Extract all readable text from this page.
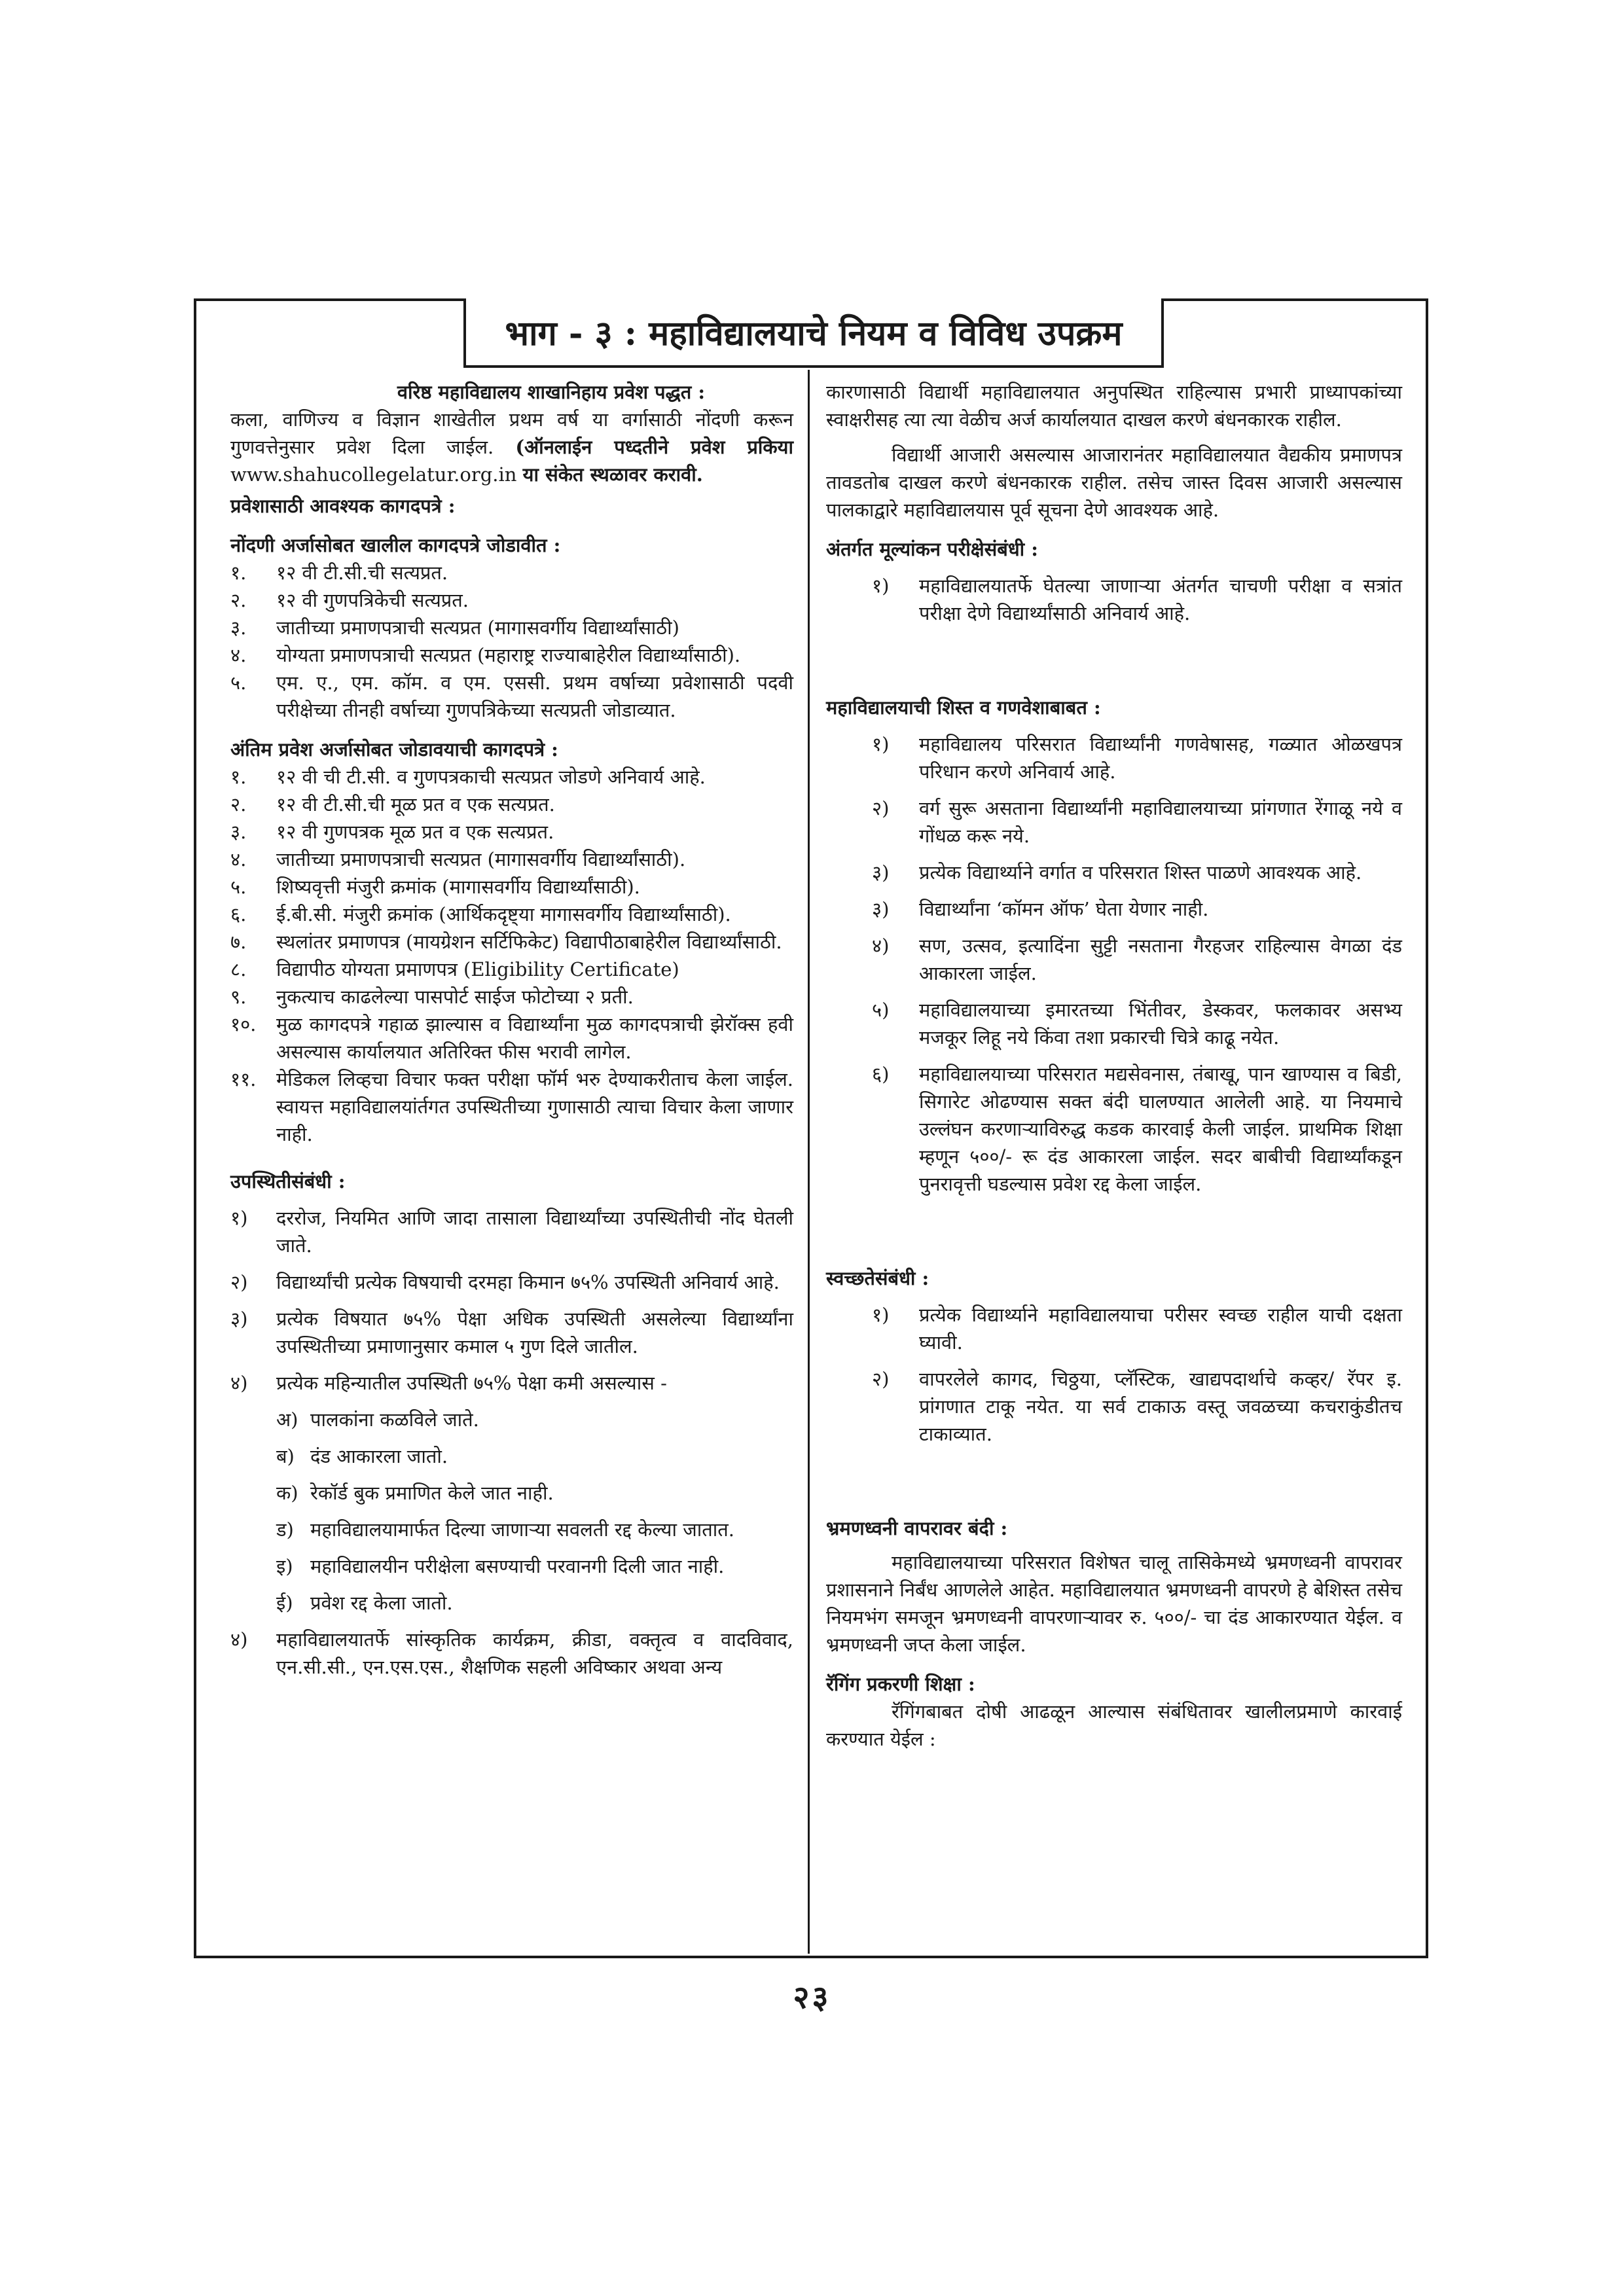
भाग - ३ : महाविद्यालयाचे नियम व विविध उपक्रम
वरिष्ठ महाविद्यालय शाखानिहाय प्रवेश पद्धत :
कला, वाणिज्य व विज्ञान शाखेतील प्रथम वर्ष या वर्गासाठी नोंदणी करून गुणवत्तेनुसार प्रवेश दिला जाईल. (ऑनलाईन पध्दतीने प्रवेश प्रकिया www.shahucollegelatur.org.in या संकेत स्थळावर करावी.
प्रवेशासाठी आवश्यक कागदपत्रे :
नोंदणी अर्जासोबत खालील कागदपत्रे जोडावीत :
१.	१२ वी टी.सी.ची सत्यप्रत.
२.	१२ वी गुणपत्रिकेची सत्यप्रत.
३.	जातीच्या प्रमाणपत्राची सत्यप्रत (मागासवर्गीय विद्यार्थ्यांसाठी)
४.	योग्यता प्रमाणपत्राची सत्यप्रत (महाराष्ट्र राज्याबाहेरील विद्यार्थ्यांसाठी).
५.	एम. ए., एम. कॉम. व एम. एससी. प्रथम वर्षाच्या प्रवेशासाठी पदवी परीक्षेच्या तीनही वर्षाच्या गुणपत्रिकेच्या सत्यप्रती जोडाव्यात.
अंतिम प्रवेश अर्जासोबत जोडावयाची कागदपत्रे :
१.	१२ वी ची टी.सी. व गुणपत्रकाची सत्यप्रत जोडणे अनिवार्य आहे.
२.	१२ वी टी.सी.ची मूळ प्रत व एक सत्यप्रत.
३.	१२ वी गुणपत्रक मूळ प्रत व एक सत्यप्रत.
४.	जातीच्या प्रमाणपत्राची सत्यप्रत (मागासवर्गीय विद्यार्थ्यांसाठी).
५.	शिष्यवृत्ती मंजुरी क्रमांक (मागासवर्गीय विद्यार्थ्यांसाठी).
६.	ई.बी.सी. मंजुरी क्रमांक (आर्थिकदृष्ट्या मागासवर्गीय विद्यार्थ्यांसाठी).
७.	स्थलांतर प्रमाणपत्र (मायग्रेशन सर्टिफिकेट) विद्यापीठाबाहेरील विद्यार्थ्यांसाठी.
८.	विद्यापीठ योग्यता प्रमाणपत्र (Eligibility Certificate)
९.	नुकत्याच काढलेल्या पासपोर्ट साईज फोटोच्या २ प्रती.
१०.	मुळ कागदपत्रे गहाळ झाल्यास व विद्यार्थ्यांना मुळ कागदपत्राची झेरॉक्स हवी असल्यास कार्यालयात अतिरिक्त फीस भरावी लागेल.
११.	मेडिकल लिव्हचा विचार फक्त परीक्षा फॉर्म भरु देण्याकरीताच केला जाईल. स्वायत्त महाविद्यालयांर्तगत उपस्थितीच्या गुणासाठी त्याचा विचार केला जाणार नाही.
उपस्थितीसंबंधी :
१)	दररोज, नियमित आणि जादा तासाला विद्यार्थ्यांच्या उपस्थितीची नोंद घेतली जाते.
२)	विद्यार्थ्यांची प्रत्येक विषयाची दरमहा किमान ७५% उपस्थिती अनिवार्य आहे.
३)	प्रत्येक विषयात ७५% पेक्षा अधिक उपस्थिती असलेल्या विद्यार्थ्यांना उपस्थितीच्या प्रमाणानुसार कमाल ५ गुण दिले जातील.
४)	प्रत्येक महिन्यातील उपस्थिती ७५% पेक्षा कमी असल्यास -
अ) पालकांना कळविले जाते.
ब) दंड आकारला जातो.
क) रेकॉर्ड बुक प्रमाणित केले जात नाही.
ड) महाविद्यालयामार्फत दिल्या जाणाऱ्या सवलती रद्द केल्या जातात.
इ) महाविद्यालयीन परीक्षेला बसण्याची परवानगी दिली जात नाही.
ई) प्रवेश रद्द केला जातो.
४)	महाविद्यालयातर्फे सांस्कृतिक कार्यक्रम, क्रीडा, वक्तृत्व व वादविवाद, एन.सी.सी., एन.एस.एस., शैक्षणिक सहली अविष्कार अथवा अन्य
कारणासाठी विद्यार्थी महाविद्यालयात अनुपस्थित राहिल्यास प्रभारी प्राध्यापकांच्या स्वाक्षरीसह त्या त्या वेळीच अर्ज कार्यालयात दाखल करणे बंधनकारक राहील.
विद्यार्थी आजारी असल्यास आजारानंतर महाविद्यालयात वैद्यकीय प्रमाणपत्र तावडतोब दाखल करणे बंधनकारक राहील. तसेच जास्त दिवस आजारी असल्यास पालकाद्वारे महाविद्यालयास पूर्व सूचना देणे आवश्यक आहे.
अंतर्गत मूल्यांकन परीक्षेसंबंधी :
१)	महाविद्यालयातर्फे घेतल्या जाणाऱ्या अंतर्गत चाचणी परीक्षा व सत्रांत परीक्षा देणे विद्यार्थ्यांसाठी अनिवार्य आहे.
महाविद्यालयाची शिस्त व गणवेशाबाबत :
१)	महाविद्यालय परिसरात विद्यार्थ्यांनी गणवेषासह, गळ्यात ओळखपत्र परिधान करणे अनिवार्य आहे.
२)	वर्ग सुरू असताना विद्यार्थ्यांनी महाविद्यालयाच्या प्रांगणात रेंगाळू नये व गोंधळ करू नये.
३)	प्रत्येक विद्यार्थ्याने वर्गात व परिसरात शिस्त पाळणे आवश्यक आहे.
३)	विद्यार्थ्यांना ‘कॉमन ऑफ’ घेता येणार नाही.
४)	सण, उत्सव, इत्यादिंना सुट्टी नसताना गैरहजर राहिल्यास वेगळा दंड आकारला जाईल.
५)	महाविद्यालयाच्या इमारतच्या भिंतीवर, डेस्कवर, फलकावर असभ्य मजकूर लिहू नये किंवा तशा प्रकारची चित्रे काढू नयेत.
६)	महाविद्यालयाच्या परिसरात मद्यसेवनास, तंबाखू, पान खाण्यास व बिडी, सिगारेट ओढण्यास सक्त बंदी घालण्यात आलेली आहे. या नियमाचे उल्लंघन करणाऱ्याविरुद्ध कडक कारवाई केली जाईल. प्राथमिक शिक्षा म्हणून ५००/- रू दंड आकारला जाईल. सदर बाबीची विद्यार्थ्यांकडून पुनरावृत्ती घडल्यास प्रवेश रद्द केला जाईल.
स्वच्छतेसंबंधी :
१)	प्रत्येक विद्यार्थ्याने महाविद्यालयाचा परीसर स्वच्छ राहील याची दक्षता घ्यावी.
२)	वापरलेले कागद, चिठ्ठया, प्लॅस्टिक, खाद्यपदार्थाचे कव्हर/ रॅपर इ. प्रांगणात टाकू नयेत. या सर्व टाकाऊ वस्तू जवळच्या कचराकुंडीतच टाकाव्यात.
भ्रमणध्वनी वापरावर बंदी :
महाविद्यालयाच्या परिसरात विशेषत चालू तासिकेमध्ये भ्रमणध्वनी वापरावर प्रशासनाने निर्बंध आणलेले आहेत. महाविद्यालयात भ्रमणध्वनी वापरणे हे बेशिस्त तसेच नियमभंग समजून भ्रमणध्वनी वापरणाऱ्यावर रु. ५००/- चा दंड आकारण्यात येईल. व भ्रमणध्वनी जप्त केला जाईल.
रॅगिंग प्रकरणी शिक्षा :
रॅगिंगबाबत दोषी आढळून आल्यास संबंधितावर खालीलप्रमाणे कारवाई करण्यात येईल :
२३
